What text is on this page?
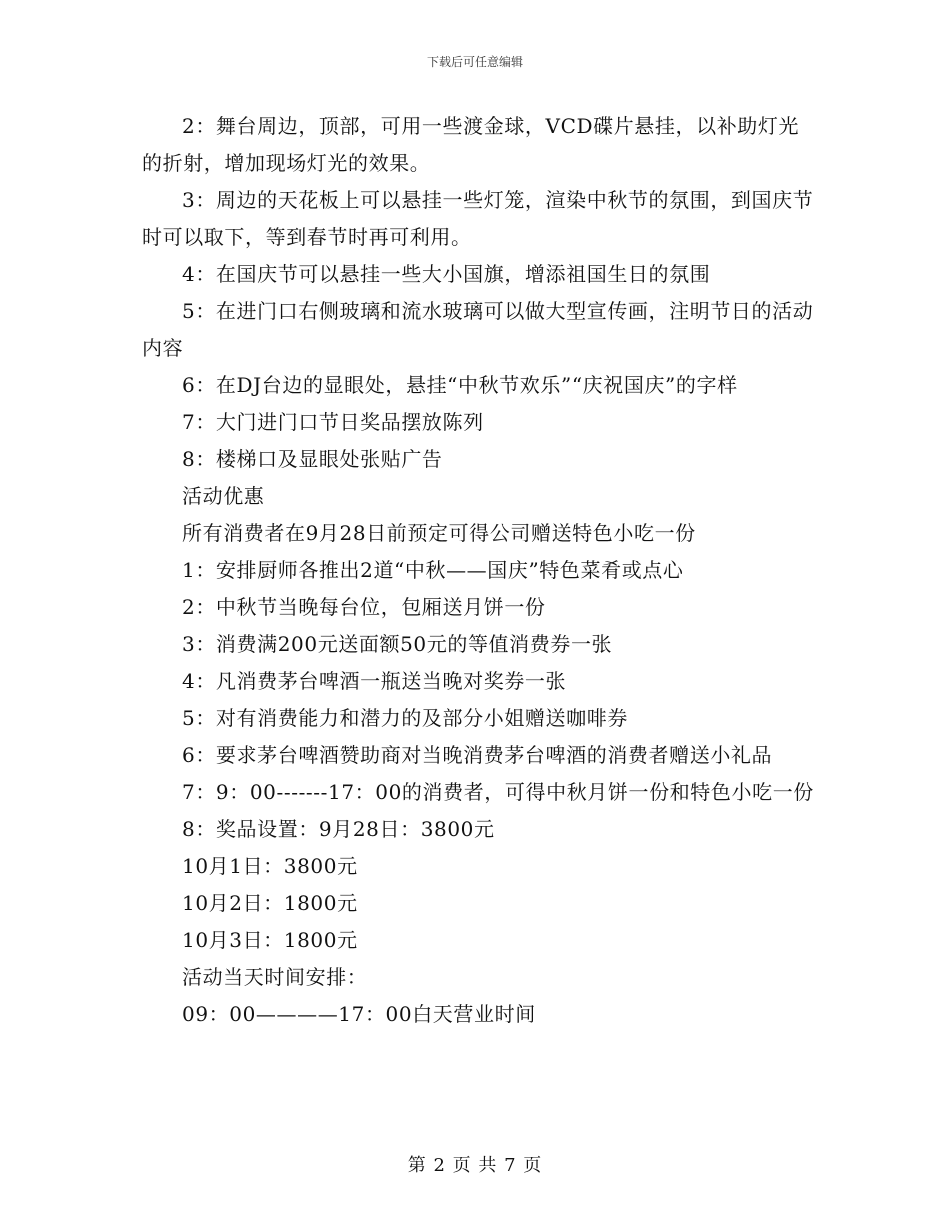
下载后可任意编辑

2：舞台周边，顶部，可用一些渡金球，VCD碟片悬挂，以补助灯光的折射，增加现场灯光的效果。

3：周边的天花板上可以悬挂一些灯笼，渲染中秋节的氛围，到国庆节时可以取下，等到春节时再可利用。

4：在国庆节可以悬挂一些大小国旗，增添祖国生日的氛围

5：在进门口右侧玻璃和流水玻璃可以做大型宣传画，注明节日的活动内容

6：在DJ台边的显眼处，悬挂“中秋节欢乐”“庆祝国庆”的字样

7：大门进门口节日奖品摆放陈列

8：楼梯口及显眼处张贴广告

活动优惠

所有消费者在9月28日前预定可得公司赠送特色小吃一份

1：安排厨师各推出2道“中秋——国庆”特色菜肴或点心

2：中秋节当晚每台位，包厢送月饼一份

3：消费满200元送面额50元的等值消费券一张

4：凡消费茅台啤酒一瓶送当晚对奖券一张

5：对有消费能力和潜力的及部分小姐赠送咖啡券

6：要求茅台啤酒赞助商对当晚消费茅台啤酒的消费者赠送小礼品

7：9：00-------17：00的消费者，可得中秋月饼一份和特色小吃一份

8：奖品设置：9月28日：3800元

10月1日：3800元

10月2日：1800元

10月3日：1800元

活动当天时间安排：

09：00————17：00白天营业时间

第 2 页 共 7 页
